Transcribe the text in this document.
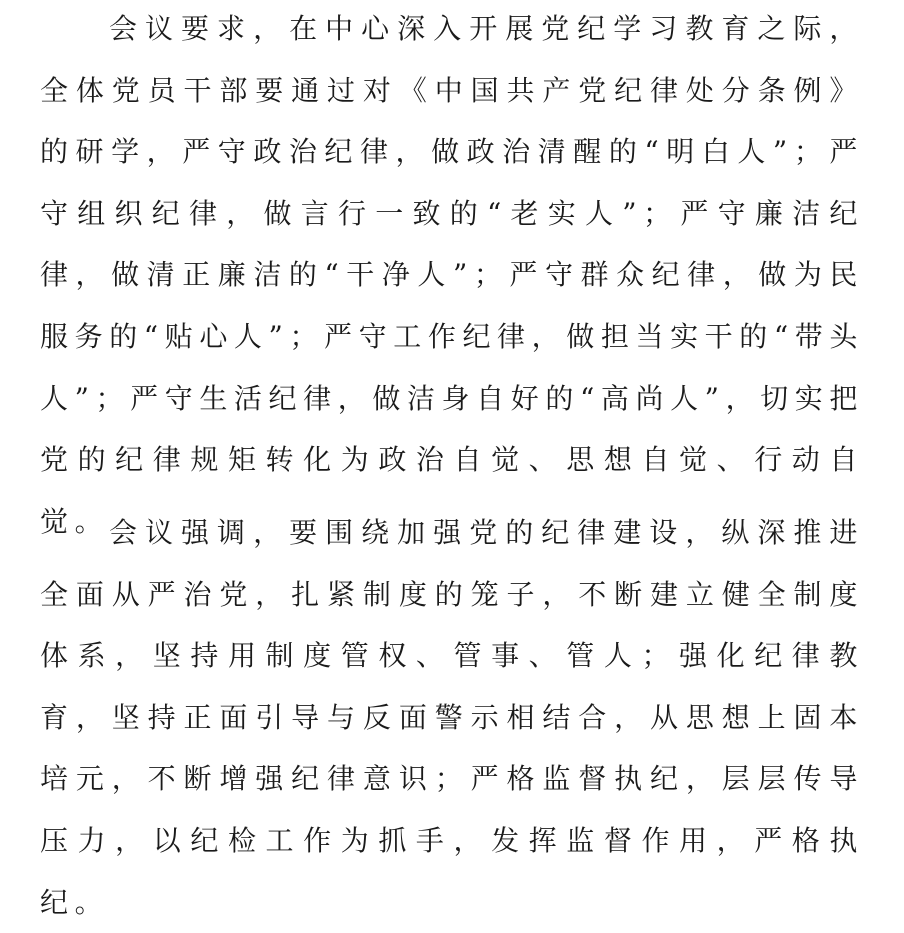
会议要求，在中心深入开展党纪学习教育之际，全体党员干部要通过对《中国共产党纪律处分条例》的研学，严守政治纪律，做政治清醒的“明白人”；严守组织纪律，做言行一致的“老实人”；严守廉洁纪律，做清正廉洁的“干净人”；严守群众纪律，做为民服务的“贴心人”；严守工作纪律，做担当实干的“带头人”；严守生活纪律，做洁身自好的“高尚人”，切实把党的纪律规矩转化为政治自觉、思想自觉、行动自觉。 会议强调，要围绕加强党的纪律建设，纵深推进全面从严治党，扎紧制度的笼子，不断建立健全制度体系，坚持用制度管权、管事、管人；强化纪律教育，坚持正面引导与反面警示相结合，从思想上固本培元，不断增强纪律意识；严格监督执纪，层层传导压力，以纪检工作为抓手，发挥监督作用，严格执纪。
